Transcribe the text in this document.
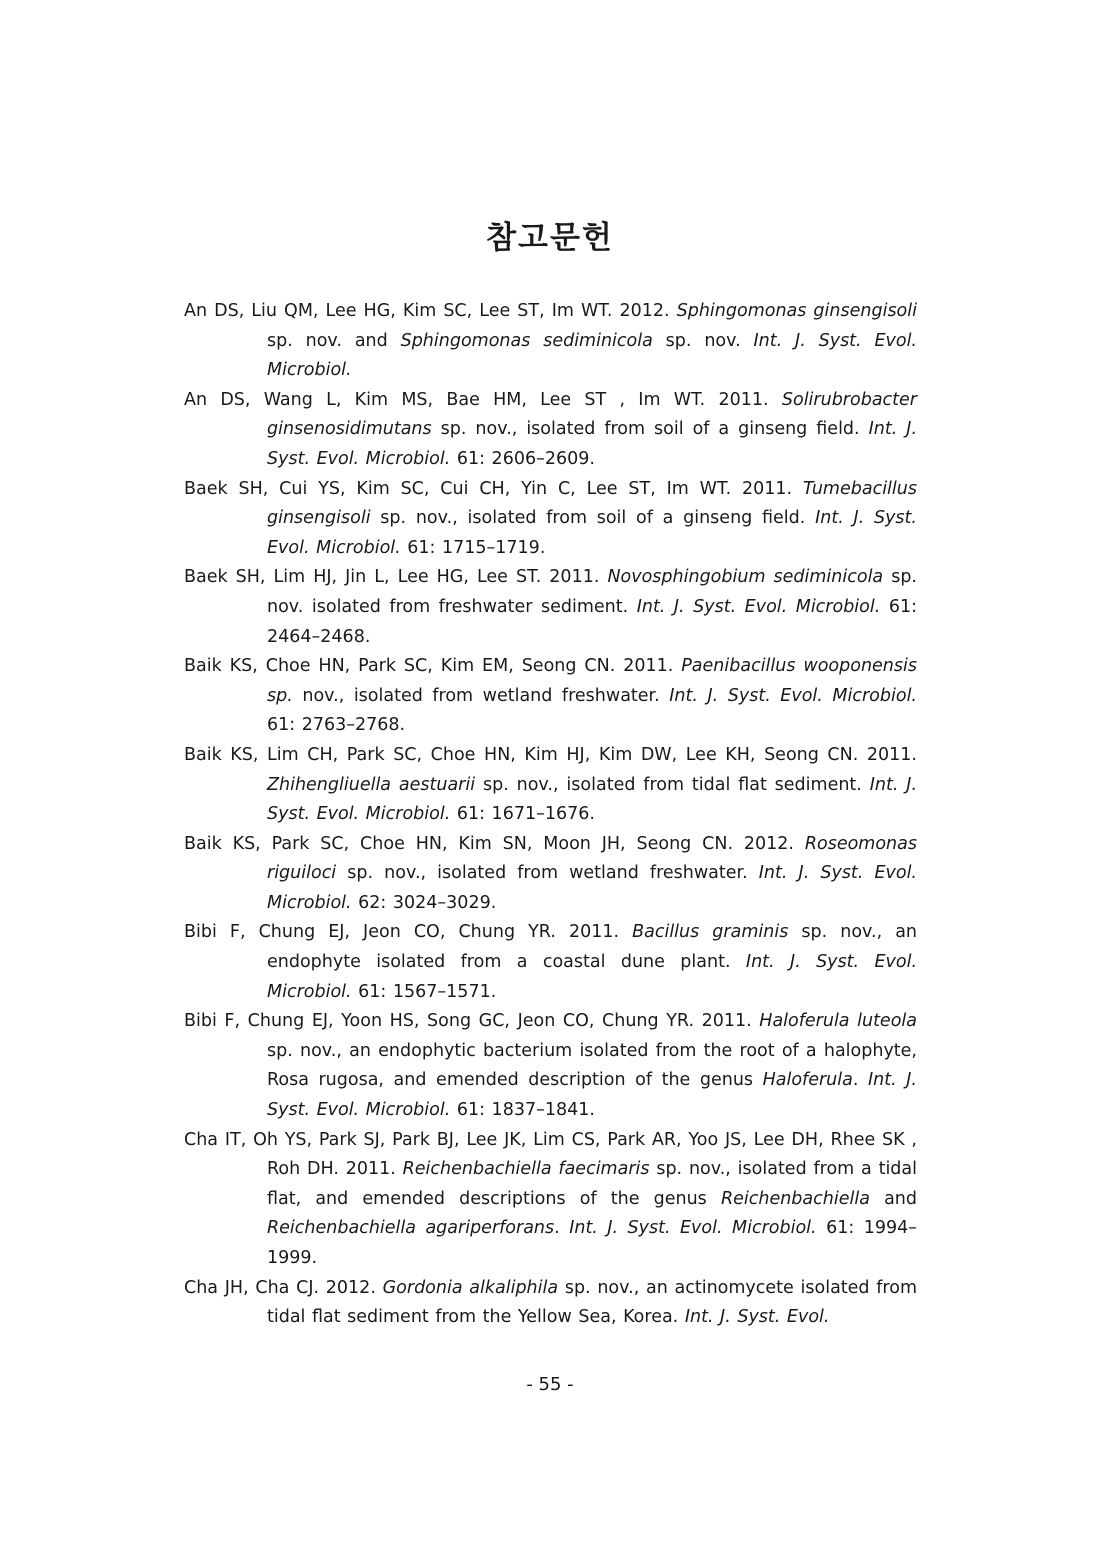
참고문헌

An DS, Liu QM, Lee HG, Kim SC, Lee ST, Im WT. 2012. Sphingomonas ginsengisoli sp. nov. and Sphingomonas sediminicola sp. nov. Int. J. Syst. Evol. Microbiol.

An DS, Wang L, Kim MS, Bae HM, Lee ST , Im WT. 2011. Solirubrobacter ginsenosidimutans sp. nov., isolated from soil of a ginseng field. Int. J. Syst. Evol. Microbiol. 61: 2606–2609.

Baek SH, Cui YS, Kim SC, Cui CH, Yin C, Lee ST, Im WT. 2011. Tumebacillus ginsengisoli sp. nov., isolated from soil of a ginseng field. Int. J. Syst. Evol. Microbiol. 61: 1715–1719.

Baek SH, Lim HJ, Jin L, Lee HG, Lee ST. 2011. Novosphingobium sediminicola sp. nov. isolated from freshwater sediment. Int. J. Syst. Evol. Microbiol. 61: 2464–2468.

Baik KS, Choe HN, Park SC, Kim EM, Seong CN. 2011. Paenibacillus wooponensis sp. nov., isolated from wetland freshwater. Int. J. Syst. Evol. Microbiol. 61: 2763–2768.

Baik KS, Lim CH, Park SC, Choe HN, Kim HJ, Kim DW, Lee KH, Seong CN. 2011. Zhihengliuella aestuarii sp. nov., isolated from tidal flat sediment. Int. J. Syst. Evol. Microbiol. 61: 1671–1676.

Baik KS, Park SC, Choe HN, Kim SN, Moon JH, Seong CN. 2012. Roseomonas riguiloci sp. nov., isolated from wetland freshwater. Int. J. Syst. Evol. Microbiol. 62: 3024–3029.

Bibi F, Chung EJ, Jeon CO, Chung YR. 2011. Bacillus graminis sp. nov., an endophyte isolated from a coastal dune plant. Int. J. Syst. Evol. Microbiol. 61: 1567–1571.

Bibi F, Chung EJ, Yoon HS, Song GC, Jeon CO, Chung YR. 2011. Haloferula luteola sp. nov., an endophytic bacterium isolated from the root of a halophyte, Rosa rugosa, and emended description of the genus Haloferula. Int. J. Syst. Evol. Microbiol. 61: 1837–1841.

Cha IT, Oh YS, Park SJ, Park BJ, Lee JK, Lim CS, Park AR, Yoo JS, Lee DH, Rhee SK , Roh DH. 2011. Reichenbachiella faecimaris sp. nov., isolated from a tidal flat, and emended descriptions of the genus Reichenbachiella and Reichenbachiella agariperforans. Int. J. Syst. Evol. Microbiol. 61: 1994–1999.

Cha JH, Cha CJ. 2012. Gordonia alkaliphila sp. nov., an actinomycete isolated from tidal flat sediment from the Yellow Sea, Korea. Int. J. Syst. Evol.

- 55 -
